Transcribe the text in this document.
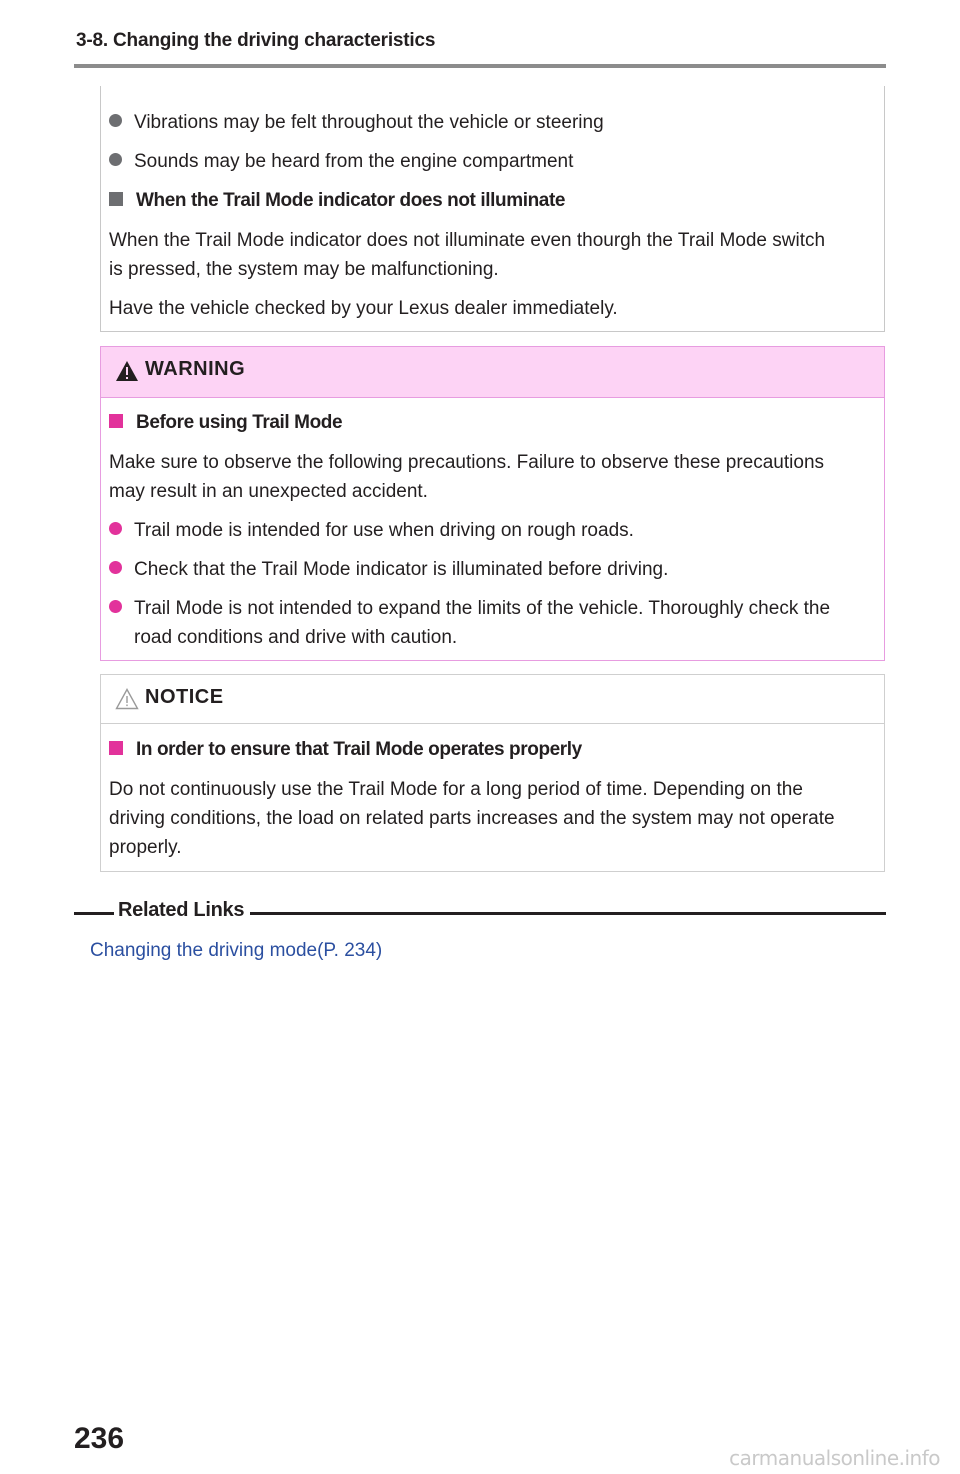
3-8. Changing the driving characteristics
Vibrations may be felt throughout the vehicle or steering
Sounds may be heard from the engine compartment
When the Trail Mode indicator does not illuminate
When the Trail Mode indicator does not illuminate even thourgh the Trail Mode switch
is pressed, the system may be malfunctioning.
Have the vehicle checked by your Lexus dealer immediately.
WARNING
Before using Trail Mode
Make sure to observe the following precautions. Failure to observe these precautions
may result in an unexpected accident.
Trail mode is intended for use when driving on rough roads.
Check that the Trail Mode indicator is illuminated before driving.
Trail Mode is not intended to expand the limits of the vehicle. Thoroughly check the
road conditions and drive with caution.
NOTICE
In order to ensure that Trail Mode operates properly
Do not continuously use the Trail Mode for a long period of time. Depending on the
driving conditions, the load on related parts increases and the system may not operate
properly.
Related Links
Changing the driving mode(P. 234)
236
carmanualsonline.info
